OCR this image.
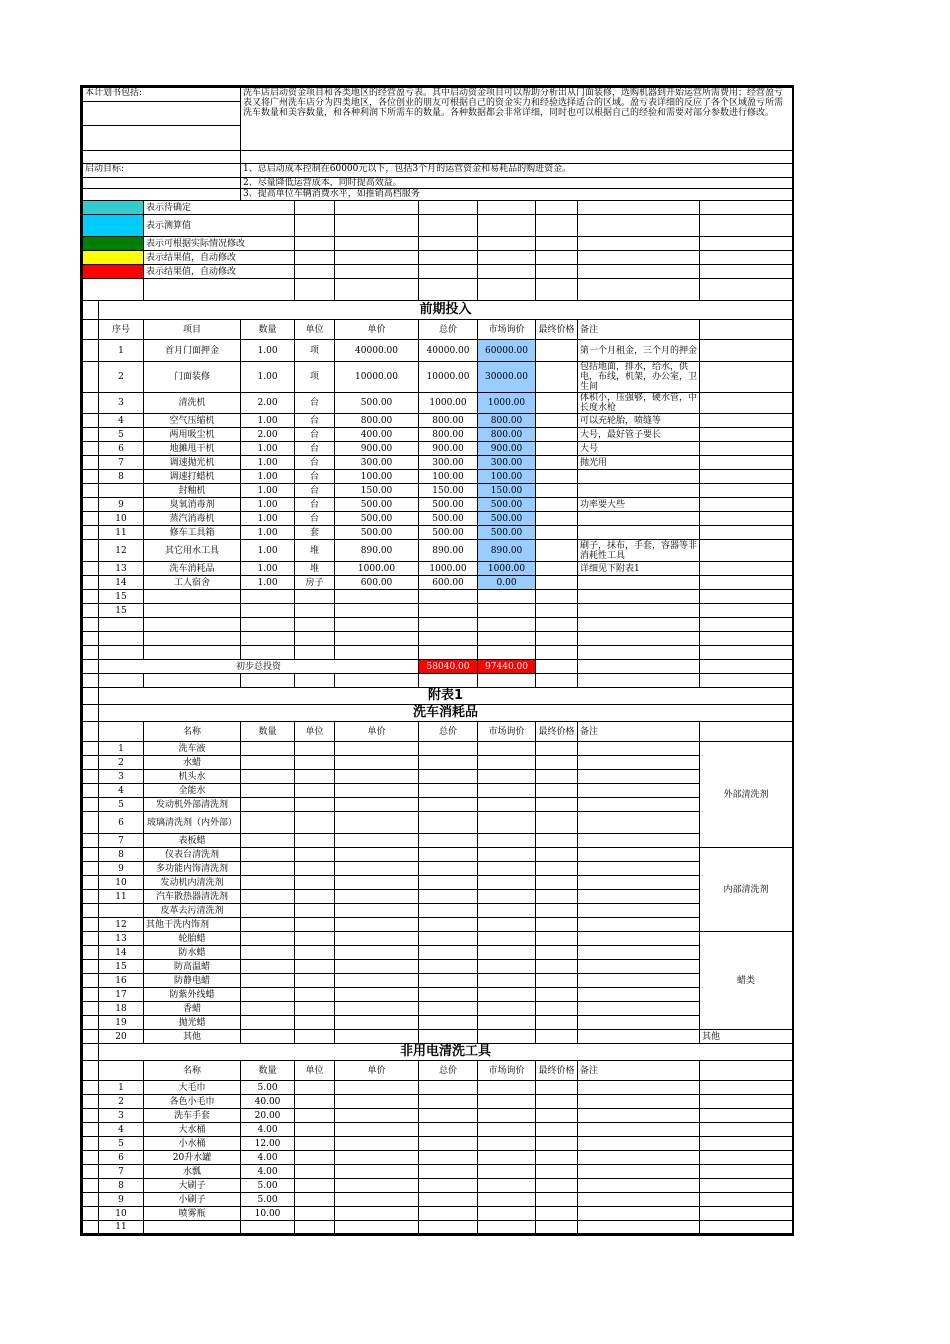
本计划书包括:			洗车店启动资金项目和各类地区的经营盈亏表。其中启动资金项目可以帮助分析出从门面装修，选购机器到开始运营所需费用；经营盈亏表又将广州洗车店分为四类地区，各位创业的朋友可根据自己的资金实力和经验选择适合的区域。盈亏表详细的反应了各个区域盈亏所需洗车数量和美容数量，和各种利润下所需车的数量。各种数据都会非常详细，同时也可以根据自己的经验和需要对部分参数进行修改。							

启动目标:			1、总启动成本控制在60000元以下，包括3个月的运营资金和易耗品的购进资金。							
			2、尽量降低运营成本，同时提高效益。							
			3、提高单位车辆消费水平，如推销高档服务							
		表示待确定								
		表示测算值								
		表示可根据实际情况修改								
		表示结果值，自动修改								
		表示结果值，自动修改								

	前期投入									
	序号	项目	数量	单位	单价	总价	市场询价	最终价格	备注	
	1	首月门面押金	1.00	项	40000.00	40000.00	60000.00		第一个月租金，三个月的押金	
	2	门面装修	1.00	项	10000.00	10000.00	30000.00		包括地面，排水，给水，供电，布线，机架，办公室，卫生间	
	3	清洗机	2.00	台	500.00	1000.00	1000.00		体积小，压强够，硬水管，中长度水枪	
	4	空气压缩机	1.00	台	800.00	800.00	800.00		可以充轮胎，喷缝等	
	5	两用吸尘机	2.00	台	400.00	800.00	800.00		大号，最好管子要长	
	6	地摊甩干机	1.00	台	900.00	900.00	900.00		大号	
	7	调速抛光机	1.00	台	300.00	300.00	300.00		抛光用	
	8	调速打蜡机	1.00	台	100.00	100.00	100.00			
		封釉机	1.00	台	150.00	150.00	150.00			
	9	臭氧消毒剂	1.00	台	500.00	500.00	500.00		功率要大些	
	10	蒸汽消毒机	1.00	台	500.00	500.00	500.00			
	11	修车工具箱	1.00	套	500.00	500.00	500.00			
	12	其它用水工具	1.00	堆	890.00	890.00	890.00		刷子，抹布，手套，容器等非消耗性工具	
	13	洗车消耗品	1.00	堆	1000.00	1000.00	1000.00		详细见下附表1	
	14	工人宿舍	1.00	房子	600.00	600.00	0.00			
	15									
	15									

	初步总投资					58040.00	97440.00			

	附表1									
	洗车消耗品									
		名称	数量	单位	单价	总价	市场询价	最终价格	备注	
	1	洗车液								外部清洗剂
	2	水蜡								
	3	机头水								
	4	全能水								
	5	发动机外部清洗剂								
	6	玻璃清洗剂（内外部）								
	7	表板蜡								
	8	仪表台清洗剂								内部清洗剂
	9	多功能内饰清洗剂								
	10	发动机内清洗剂								
	11	汽车散热器清洗剂								
		皮革去污清洗剂								
	12	其他干洗内饰剂								
	13	轮胎蜡								蜡类
	14	防水蜡								
	15	防高温蜡								
	16	防静电蜡								
	17	防紫外线蜡								
	18	香蜡								
	19	抛光蜡								
	20	其他								其他
	非用电清洗工具									
		名称	数量	单位	单价	总价	市场询价	最终价格	备注	
	1	大毛巾	5.00							
	2	各色小毛巾	40.00							
	3	洗车手套	20.00							
	4	大水桶	4.00							
	5	小水桶	12.00							
	6	20升水罐	4.00							
	7	水瓢	4.00							
	8	大刷子	5.00							
	9	小刷子	5.00							
	10	喷雾瓶	10.00							
	11									
